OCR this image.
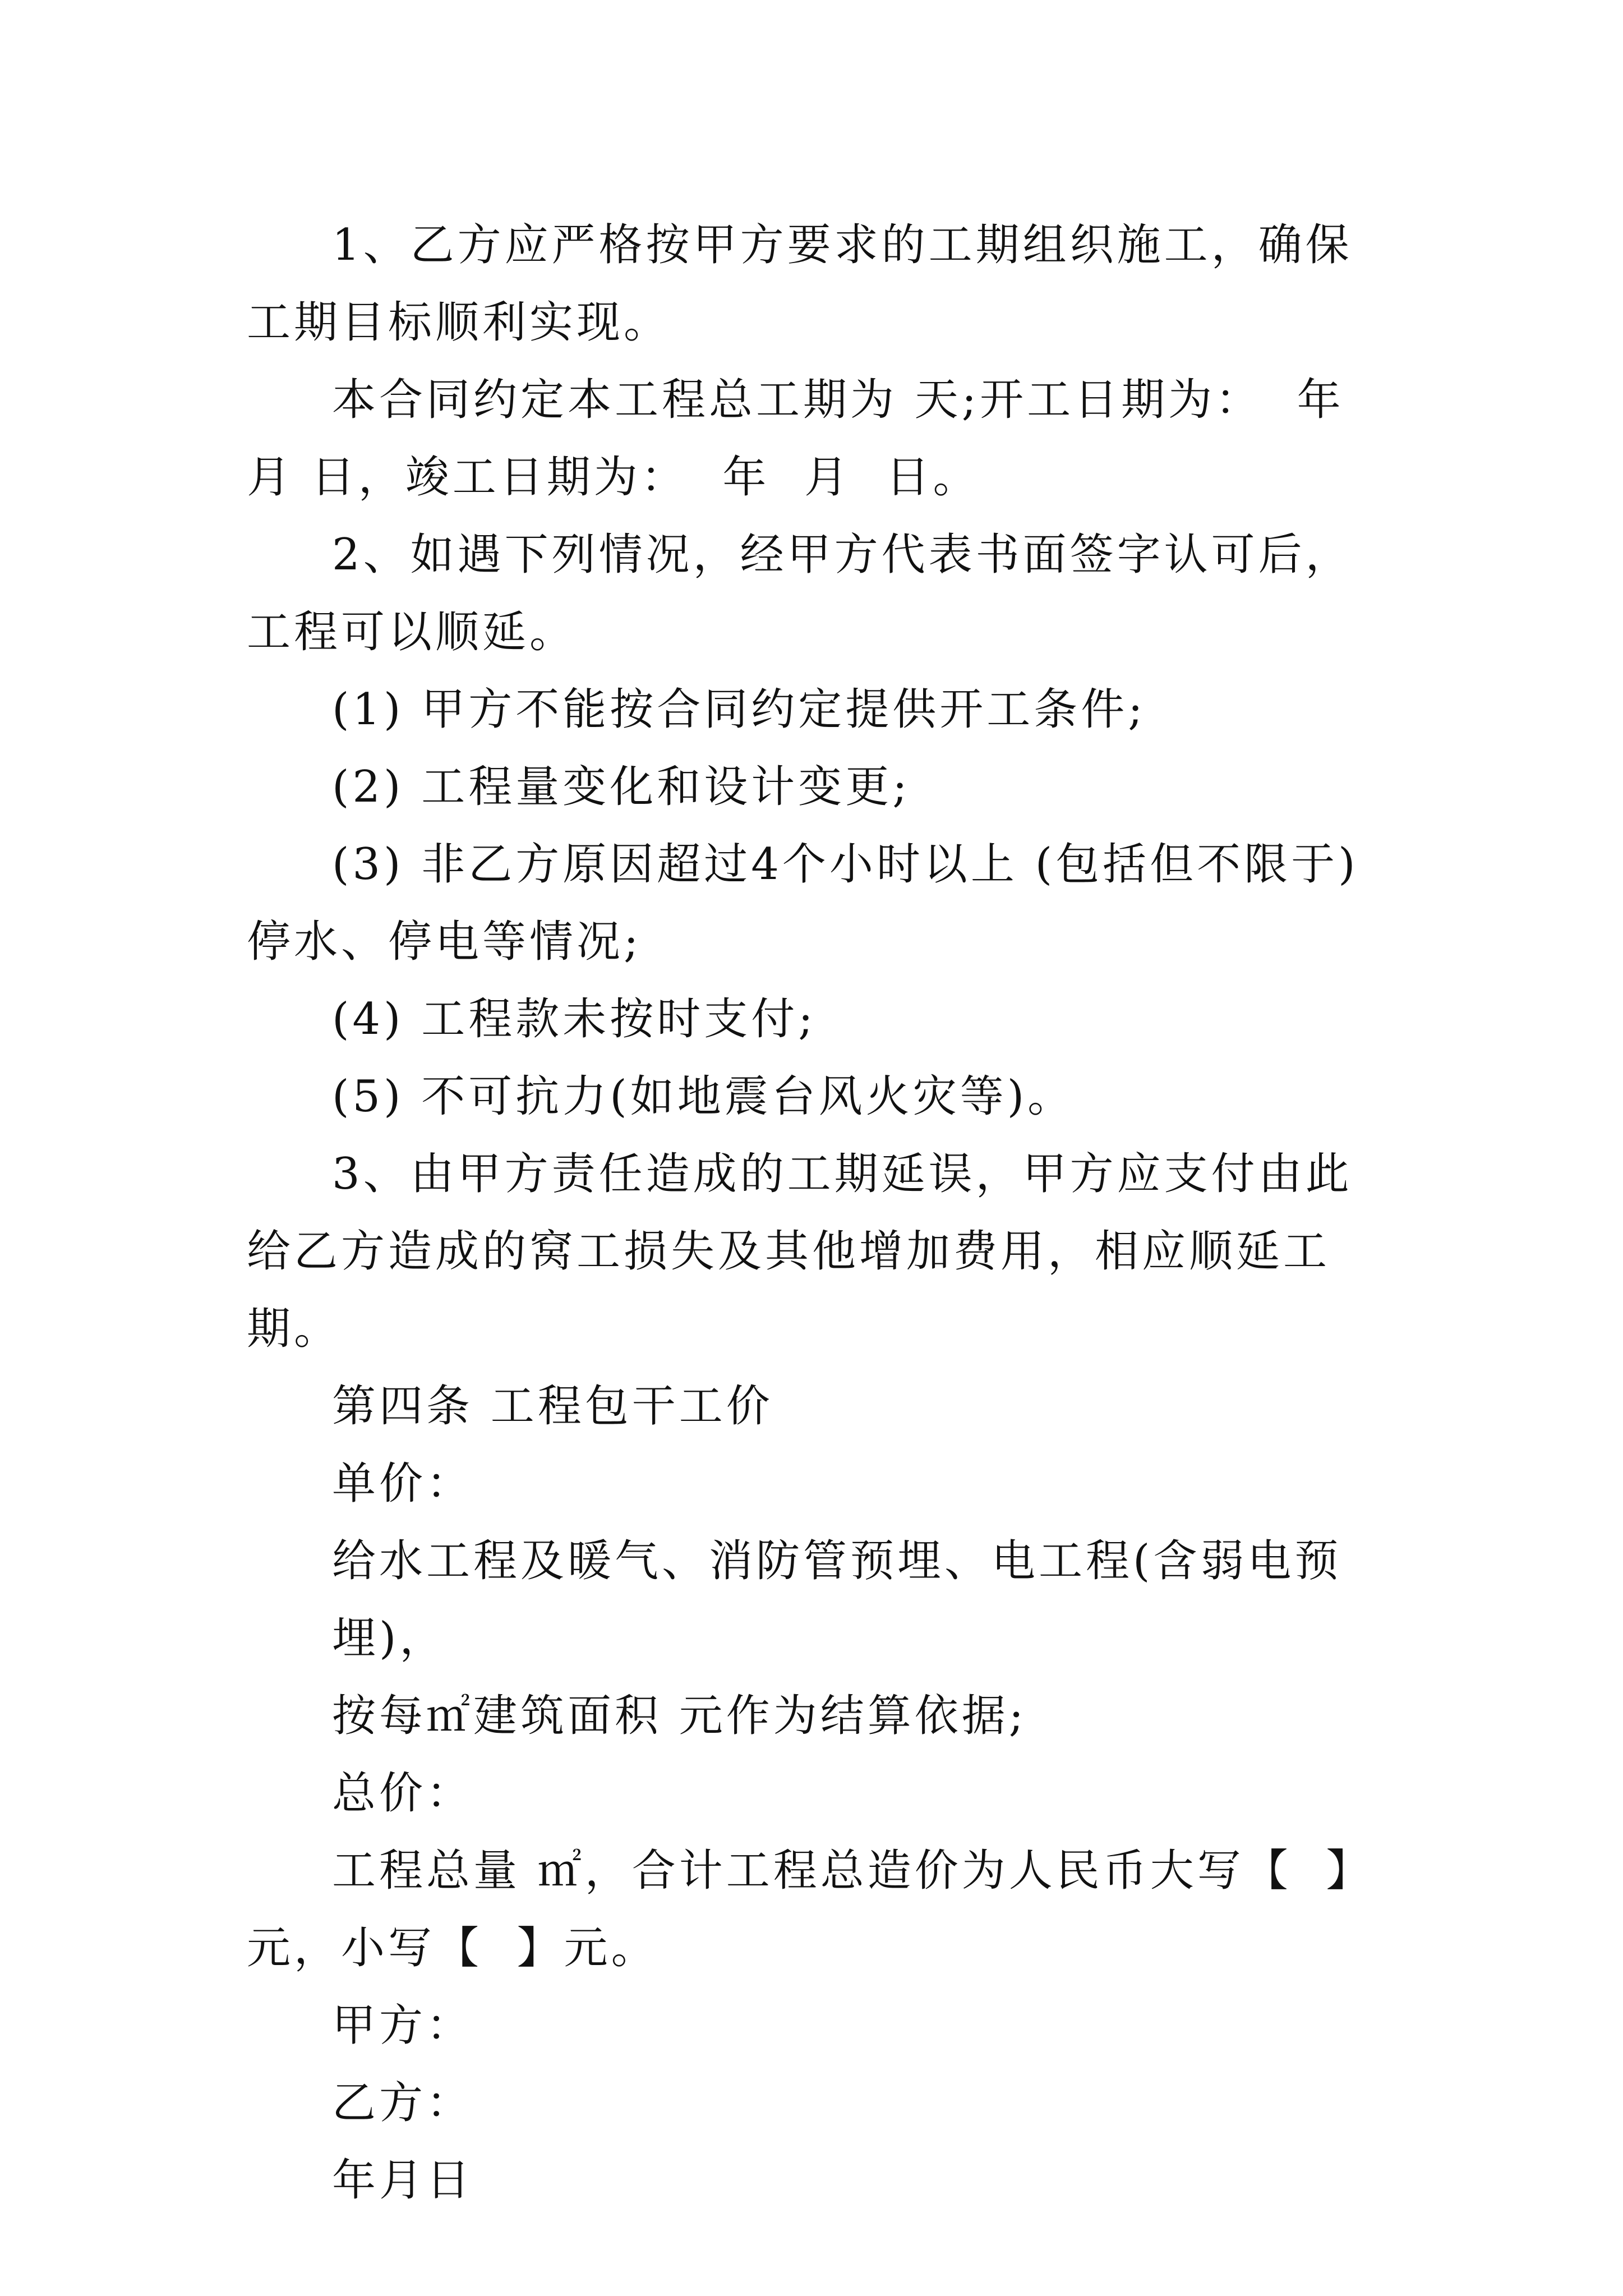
1、乙方应严格按甲方要求的工期组织施工，确保工期目标顺利实现。

本合同约定本工程总工期为 天;开工日期为：  年  月 日，竣工日期为：  年  月  日。

2、如遇下列情况，经甲方代表书面签字认可后，工程可以顺延。

(1) 甲方不能按合同约定提供开工条件;

(2) 工程量变化和设计变更;

(3) 非乙方原因超过4个小时以上 (包括但不限于)停水、停电等情况;

(4) 工程款未按时支付;

(5) 不可抗力(如地震台风火灾等)。

3、由甲方责任造成的工期延误，甲方应支付由此给乙方造成的窝工损失及其他增加费用，相应顺延工期。

第四条 工程包干工价

单价：

给水工程及暖气、消防管预埋、电工程(含弱电预埋)，

按每㎡建筑面积 元作为结算依据;

总价：

工程总量 ㎡，合计工程总造价为人民币大写【  】元，小写【  】元。

甲方：

乙方：

年月日
